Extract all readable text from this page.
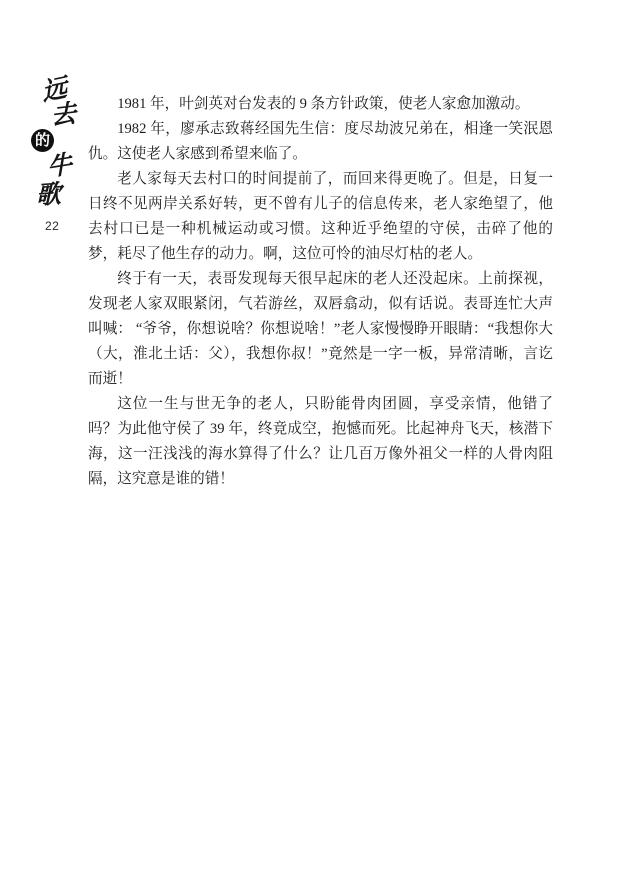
远
去
的
牛
歌
22

1981 年，叶剑英对台发表的 9 条方针政策，使老人家愈加激动。

1982 年，廖承志致蒋经国先生信：度尽劫波兄弟在，相逢一笑泯恩仇。这使老人家感到希望来临了。

老人家每天去村口的时间提前了，而回来得更晚了。但是，日复一日终不见两岸关系好转，更不曾有儿子的信息传来，老人家绝望了，他去村口已是一种机械运动或习惯。这种近乎绝望的守侯，击碎了他的梦，耗尽了他生存的动力。啊，这位可怜的油尽灯枯的老人。

终于有一天，表哥发现每天很早起床的老人还没起床。上前探视，发现老人家双眼紧闭，气若游丝，双唇翕动，似有话说。表哥连忙大声叫喊： “爷爷，你想说啥？你想说啥！”老人家慢慢睁开眼睛：“我想你大（大，淮北土话：父），我想你叔！”竟然是一字一板，异常清晰，言讫而逝！

这位一生与世无争的老人，只盼能骨肉团圆，享受亲情，他错了吗？为此他守侯了 39 年，终竟成空，抱憾而死。比起神舟飞天，核潜下海，这一汪浅浅的海水算得了什么？让几百万像外祖父一样的人骨肉阻隔，这究意是谁的错！
